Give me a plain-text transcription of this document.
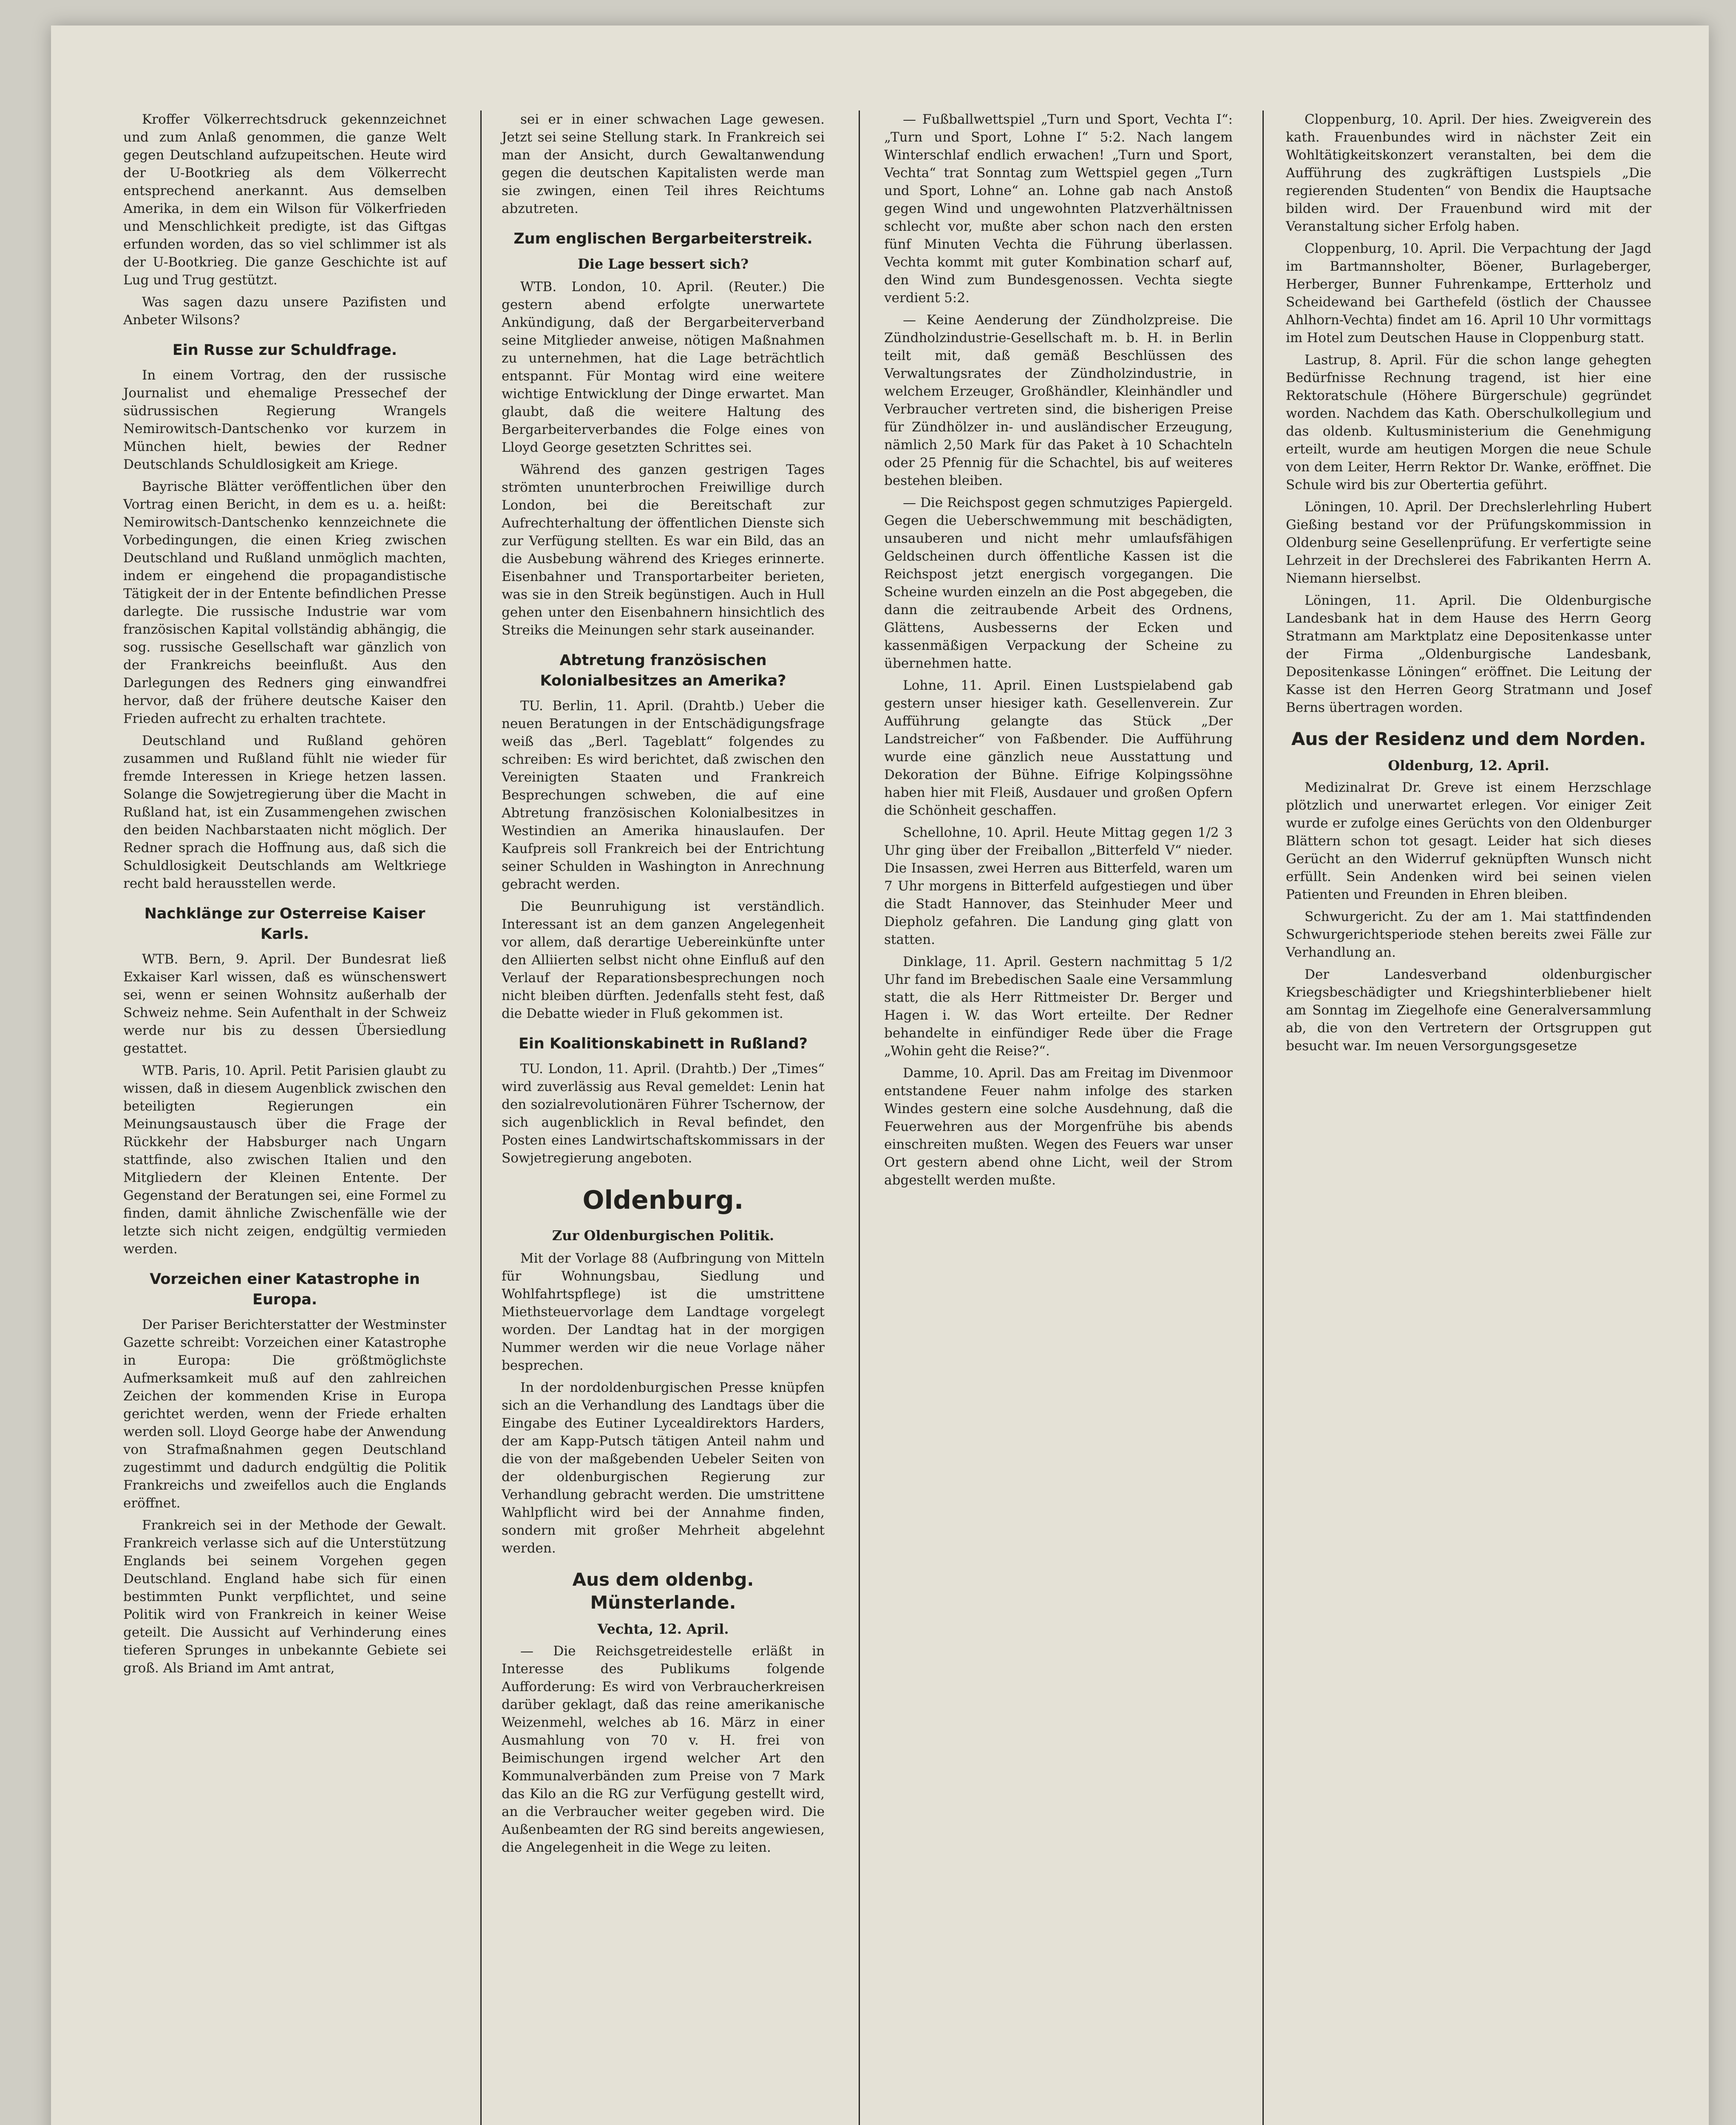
Kroffer Völkerrechtsdruck gekennzeichnet und zum Anlaß genommen, die ganze Welt gegen Deutschland aufzupeitschen. Heute wird der U-Bootkrieg als dem Völkerrecht entsprechend anerkannt. Aus demselben Amerika, in dem ein Wilson für Völkerfrieden und Menschlichkeit predigte, ist das Giftgas erfunden worden, das so viel schlimmer ist als der U-Bootkrieg. Die ganze Geschichte ist auf Lug und Trug gestützt.

Was sagen dazu unsere Pazifisten und Anbeter Wilsons?

Ein Russe zur Schuldfrage.

In einem Vortrag, den der russische Journalist und ehemalige Pressechef der südrussischen Regierung Wrangels Nemirowitsch-Dantschenko vor kurzem in München hielt, bewies der Redner Deutschlands Schuldlosigkeit am Kriege.

Bayrische Blätter veröffentlichen über den Vortrag einen Bericht, in dem es u. a. heißt: Nemirowitsch-Dantschenko kennzeichnete die Vorbedingungen, die einen Krieg zwischen Deutschland und Rußland unmöglich machten, indem er eingehend die propagandistische Tätigkeit der in der Entente befindlichen Presse darlegte. Die russische Industrie war vom französischen Kapital vollständig abhängig, die sog. russische Gesellschaft war gänzlich von der Frankreichs beeinflußt. Aus den Darlegungen des Redners ging einwandfrei hervor, daß der frühere deutsche Kaiser den Frieden aufrecht zu erhalten trachtete.

Deutschland und Rußland gehören zusammen und Rußland fühlt nie wieder für fremde Interessen in Kriege hetzen lassen. Solange die Sowjetregierung über die Macht in Rußland hat, ist ein Zusammengehen zwischen den beiden Nachbarstaaten nicht möglich. Der Redner sprach die Hoffnung aus, daß sich die Schuldlosigkeit Deutschlands am Weltkriege recht bald herausstellen werde.

Nachklänge zur Osterreise Kaiser Karls.

WTB. Bern, 9. April. Der Bundesrat ließ Exkaiser Karl wissen, daß es wünschenswert sei, wenn er seinen Wohnsitz außerhalb der Schweiz nehme. Sein Aufenthalt in der Schweiz werde nur bis zu dessen Übersiedlung gestattet.

WTB. Paris, 10. April. Petit Parisien glaubt zu wissen, daß in diesem Augenblick zwischen den beteiligten Regierungen ein Meinungsaustausch über die Frage der Rückkehr der Habsburger nach Ungarn stattfinde, also zwischen Italien und den Mitgliedern der Kleinen Entente. Der Gegenstand der Beratungen sei, eine Formel zu finden, damit ähnliche Zwischenfälle wie der letzte sich nicht zeigen, endgültig vermieden werden.

Vorzeichen einer Katastrophe in Europa.

Der Pariser Berichterstatter der Westminster Gazette schreibt: Vorzeichen einer Katastrophe in Europa: Die größtmöglichste Aufmerksamkeit muß auf den zahlreichen Zeichen der kommenden Krise in Europa gerichtet werden, wenn der Friede erhalten werden soll. Lloyd George habe der Anwendung von Strafmaßnahmen gegen Deutschland zugestimmt und dadurch endgültig die Politik Frankreichs und zweifellos auch die Englands eröffnet.

Frankreich sei in der Methode der Gewalt. Frankreich verlasse sich auf die Unterstützung Englands bei seinem Vorgehen gegen Deutschland. England habe sich für einen bestimmten Punkt verpflichtet, und seine Politik wird von Frankreich in keiner Weise geteilt. Die Aussicht auf Verhinderung eines tieferen Sprunges in unbekannte Gebiete sei groß. Als Briand im Amt antrat,

sei er in einer schwachen Lage gewesen. Jetzt sei seine Stellung stark. In Frankreich sei man der Ansicht, durch Gewaltanwendung gegen die deutschen Kapitalisten werde man sie zwingen, einen Teil ihres Reichtums abzutreten.

Zum englischen Bergarbeiterstreik.
Die Lage bessert sich?

WTB. London, 10. April. (Reuter.) Die gestern abend erfolgte unerwartete Ankündigung, daß der Bergarbeiterverband seine Mitglieder anweise, nötigen Maßnahmen zu unternehmen, hat die Lage beträchtlich entspannt. Für Montag wird eine weitere wichtige Entwicklung der Dinge erwartet. Man glaubt, daß die weitere Haltung des Bergarbeiterverbandes die Folge eines von Lloyd George gesetzten Schrittes sei.

Während des ganzen gestrigen Tages strömten ununterbrochen Freiwillige durch London, bei die Bereitschaft zur Aufrechterhaltung der öffentlichen Dienste sich zur Verfügung stellten. Es war ein Bild, das an die Ausbebung während des Krieges erinnerte. Eisenbahner und Transportarbeiter berieten, was sie in den Streik begünstigen. Auch in Hull gehen unter den Eisenbahnern hinsichtlich des Streiks die Meinungen sehr stark auseinander.

Abtretung französischen Kolonialbesitzes an Amerika?

TU. Berlin, 11. April. (Drahtb.) Ueber die neuen Beratungen in der Entschädigungsfrage weiß das „Berl. Tageblatt“ folgendes zu schreiben: Es wird berichtet, daß zwischen den Vereinigten Staaten und Frankreich Besprechungen schweben, die auf eine Abtretung französischen Kolonialbesitzes in Westindien an Amerika hinauslaufen. Der Kaufpreis soll Frankreich bei der Entrichtung seiner Schulden in Washington in Anrechnung gebracht werden.

Die Beunruhigung ist verständlich. Interessant ist an dem ganzen Angelegenheit vor allem, daß derartige Uebereinkünfte unter den Alliierten selbst nicht ohne Einfluß auf den Verlauf der Reparationsbesprechungen noch nicht bleiben dürften. Jedenfalls steht fest, daß die Debatte wieder in Fluß gekommen ist.

Ein Koalitionskabinett in Rußland?

TU. London, 11. April. (Drahtb.) Der „Times“ wird zuverlässig aus Reval gemeldet: Lenin hat den sozialrevolutionären Führer Tschernow, der sich augenblicklich in Reval befindet, den Posten eines Landwirtschaftskommissars in der Sowjetregierung angeboten.

Oldenburg.
Zur Oldenburgischen Politik.

Mit der Vorlage 88 (Aufbringung von Mitteln für Wohnungsbau, Siedlung und Wohlfahrtspflege) ist die umstrittene Miethsteuervorlage dem Landtage vorgelegt worden. Der Landtag hat in der morgigen Nummer werden wir die neue Vorlage näher besprechen.

In der nordoldenburgischen Presse knüpfen sich an die Verhandlung des Landtags über die Eingabe des Eutiner Lycealdirektors Harders, der am Kapp-Putsch tätigen Anteil nahm und die von der maßgebenden Uebeler Seiten von der oldenburgischen Regierung zur Verhandlung gebracht werden. Die umstrittene Wahlpflicht wird bei der Annahme finden, sondern mit großer Mehrheit abgelehnt werden.

Aus dem oldenbg. Münsterlande.
Vechta, 12. April.

— Die Reichsgetreidestelle erläßt in Interesse des Publikums folgende Aufforderung: Es wird von Verbraucherkreisen darüber geklagt, daß das reine amerikanische Weizenmehl, welches ab 16. März in einer Ausmahlung von 70 v. H. frei von Beimischungen irgend welcher Art den Kommunalverbänden zum Preise von 7 Mark das Kilo an die RG zur Verfügung gestellt wird, an die Verbraucher weiter gegeben wird. Die Außenbeamten der RG sind bereits angewiesen, die Angelegenheit in die Wege zu leiten.

— Fußballwettspiel „Turn und Sport, Vechta I“: „Turn und Sport, Lohne I“ 5:2. Nach langem Winterschlaf endlich erwachen! „Turn und Sport, Vechta“ trat Sonntag zum Wettspiel gegen „Turn und Sport, Lohne“ an. Lohne gab nach Anstoß gegen Wind und ungewohnten Platzverhältnissen schlecht vor, mußte aber schon nach den ersten fünf Minuten Vechta die Führung überlassen. Vechta kommt mit guter Kombination scharf auf, den Wind zum Bundesgenossen. Vechta siegte verdient 5:2.

— Keine Aenderung der Zündholzpreise. Die Zündholzindustrie-Gesellschaft m. b. H. in Berlin teilt mit, daß gemäß Beschlüssen des Verwaltungsrates der Zündholzindustrie, in welchem Erzeuger, Großhändler, Kleinhändler und Verbraucher vertreten sind, die bisherigen Preise für Zündhölzer in- und ausländischer Erzeugung, nämlich 2,50 Mark für das Paket à 10 Schachteln oder 25 Pfennig für die Schachtel, bis auf weiteres bestehen bleiben.

— Die Reichspost gegen schmutziges Papiergeld. Gegen die Ueberschwemmung mit beschädigten, unsauberen und nicht mehr umlaufsfähigen Geldscheinen durch öffentliche Kassen ist die Reichspost jetzt energisch vorgegangen. Die Scheine wurden einzeln an die Post abgegeben, die dann die zeitraubende Arbeit des Ordnens, Glättens, Ausbesserns der Ecken und kassenmäßigen Verpackung der Scheine zu übernehmen hatte.

Lohne, 11. April. Einen Lustspielabend gab gestern unser hiesiger kath. Gesellenverein. Zur Aufführung gelangte das Stück „Der Landstreicher“ von Faßbender. Die Aufführung wurde eine gänzlich neue Ausstattung und Dekoration der Bühne. Eifrige Kolpingssöhne haben hier mit Fleiß, Ausdauer und großen Opfern die Schönheit geschaffen.

Schellohne, 10. April. Heute Mittag gegen 1/2 3 Uhr ging über der Freiballon „Bitterfeld V“ nieder. Die Insassen, zwei Herren aus Bitterfeld, waren um 7 Uhr morgens in Bitterfeld aufgestiegen und über die Stadt Hannover, das Steinhuder Meer und Diepholz gefahren. Die Landung ging glatt von statten.

Dinklage, 11. April. Gestern nachmittag 5 1/2 Uhr fand im Brebedischen Saale eine Versammlung statt, die als Herr Rittmeister Dr. Berger und Hagen i. W. das Wort erteilte. Der Redner behandelte in einfündiger Rede über die Frage „Wohin geht die Reise?“.

Damme, 10. April. Das am Freitag im Divenmoor entstandene Feuer nahm infolge des starken Windes gestern eine solche Ausdehnung, daß die Feuerwehren aus der Morgenfrühe bis abends einschreiten mußten. Wegen des Feuers war unser Ort gestern abend ohne Licht, weil der Strom abgestellt werden mußte.

Cloppenburg, 10. April. Der hies. Zweigverein des kath. Frauenbundes wird in nächster Zeit ein Wohltätigkeitskonzert veranstalten, bei dem die Aufführung des zugkräftigen Lustspiels „Die regierenden Studenten“ von Bendix die Hauptsache bilden wird. Der Frauenbund wird mit der Veranstaltung sicher Erfolg haben.

Cloppenburg, 10. April. Die Verpachtung der Jagd im Bartmannsholter, Böener, Burlageberger, Herberger, Bunner Fuhrenkampe, Ertterholz und Scheidewand bei Garthefeld (östlich der Chaussee Ahlhorn-Vechta) findet am 16. April 10 Uhr vormittags im Hotel zum Deutschen Hause in Cloppenburg statt.

Lastrup, 8. April. Für die schon lange gehegten Bedürfnisse Rechnung tragend, ist hier eine Rektoratschule (Höhere Bürgerschule) gegründet worden. Nachdem das Kath. Oberschulkollegium und das oldenb. Kultusministerium die Genehmigung erteilt, wurde am heutigen Morgen die neue Schule von dem Leiter, Herrn Rektor Dr. Wanke, eröffnet. Die Schule wird bis zur Obertertia geführt.

Löningen, 10. April. Der Drechslerlehrling Hubert Gießing bestand vor der Prüfungskommission in Oldenburg seine Gesellenprüfung. Er verfertigte seine Lehrzeit in der Drechslerei des Fabrikanten Herrn A. Niemann hierselbst.

Löningen, 11. April. Die Oldenburgische Landesbank hat in dem Hause des Herrn Georg Stratmann am Marktplatz eine Depositenkasse unter der Firma „Oldenburgische Landesbank, Depositenkasse Löningen“ eröffnet. Die Leitung der Kasse ist den Herren Georg Stratmann und Josef Berns übertragen worden.

Aus der Residenz und dem Norden.
Oldenburg, 12. April.

Medizinalrat Dr. Greve ist einem Herzschlage plötzlich und unerwartet erlegen. Vor einiger Zeit wurde er zufolge eines Gerüchts von den Oldenburger Blättern schon tot gesagt. Leider hat sich dieses Gerücht an den Widerruf geknüpften Wunsch nicht erfüllt. Sein Andenken wird bei seinen vielen Patienten und Freunden in Ehren bleiben.

Schwurgericht. Zu der am 1. Mai stattfindenden Schwurgerichtsperiode stehen bereits zwei Fälle zur Verhandlung an.

Der Landesverband oldenburgischer Kriegsbeschädigter und Kriegshinterbliebener hielt am Sonntag im Ziegelhofe eine Generalversammlung ab, die von den Vertretern der Ortsgruppen gut besucht war. Im neuen Versorgungsgesetze
